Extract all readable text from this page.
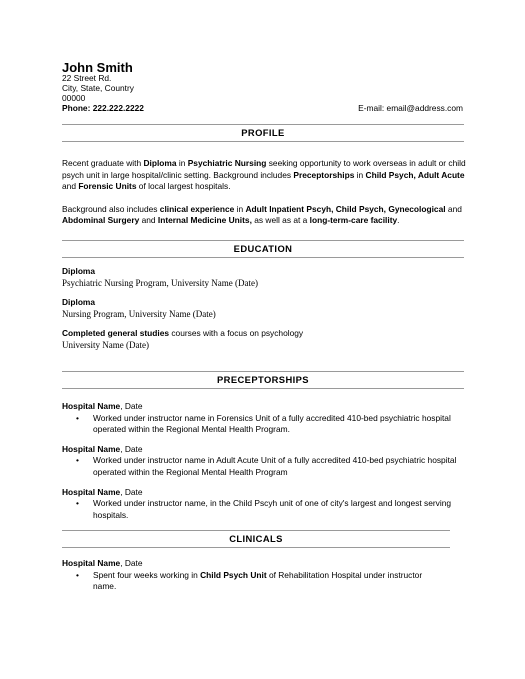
John Smith
22 Street Rd.
City, State, Country
00000
Phone: 222.222.2222	E-mail: email@address.com
PROFILE

Recent graduate with Diploma in Psychiatric Nursing seeking opportunity to work overseas in adult or child psych unit in large hospital/clinic setting. Background includes Preceptorships in Child Psych, Adult Acute and Forensic Units of local largest hospitals.

Background also includes clinical experience in Adult Inpatient Pscyh, Child Psych, Gynecological and Abdominal Surgery and Internal Medicine Units, as well as at a long-term-care facility.

EDUCATION
Diploma
Psychiatric Nursing Program, University Name (Date)
Diploma
Nursing Program, University Name (Date)
Completed general studies courses with a focus on psychology
University Name (Date)
PRECEPTORSHIPS
Hospital Name, Date
• Worked under instructor name in Forensics Unit of a fully accredited 410-bed psychiatric hospital operated within the Regional Mental Health Program.
Hospital Name, Date
• Worked under instructor name in Adult Acute Unit of a fully accredited 410-bed psychiatric hospital operated within the Regional Mental Health Program
Hospital Name, Date
• Worked under instructor name, in the Child Pscyh unit of one of city's largest and longest serving hospitals.
CLINICALS
Hospital Name, Date
• Spent four weeks working in Child Psych Unit of Rehabilitation Hospital under instructor name.
